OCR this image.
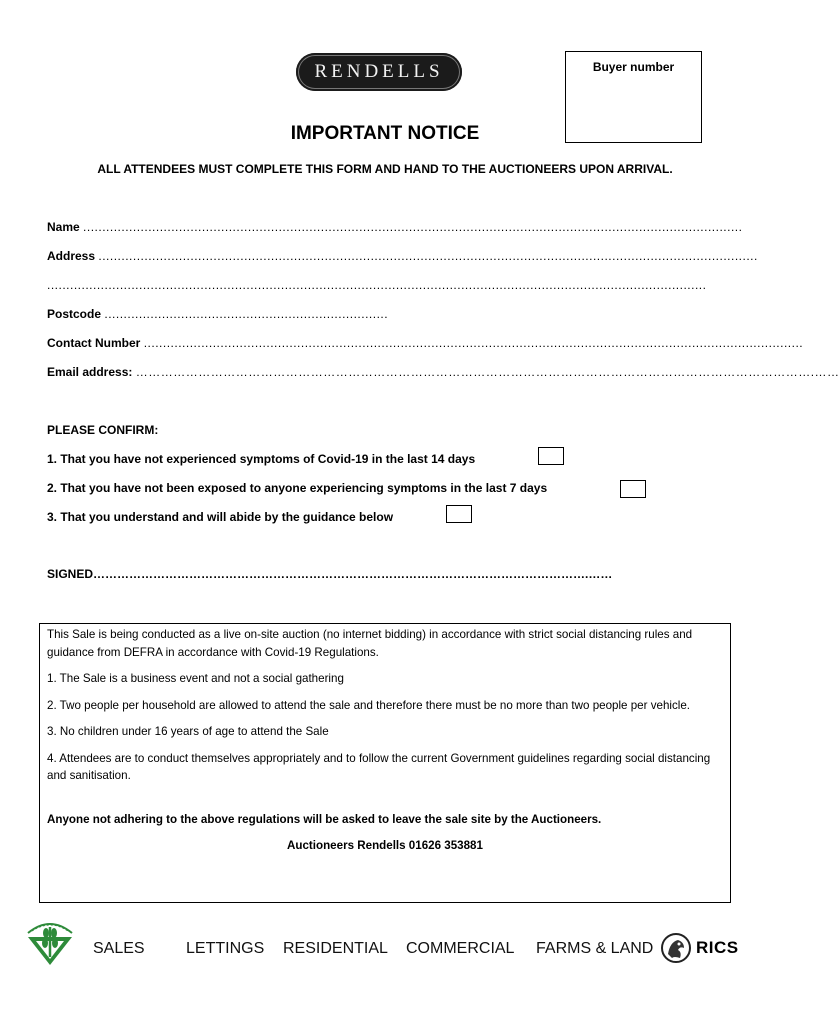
RENDELLS	Buyer number
IMPORTANT NOTICE
ALL ATTENDEES MUST COMPLETE THIS FORM AND HAND TO THE AUCTIONEERS UPON ARRIVAL.
Name ............................................................................................................................................................................
Address ............................................................................................................................................................................
............................................................................................................................................................................
Postcode ..........................................................................
Contact Number ............................................................................................................................................................................
Email address: ……………………………………………………………………………………………………………………………………………….……
PLEASE CONFIRM:
1. That you have not experienced symptoms of Covid-19 in the last 14 days
2. That you have not been exposed to anyone experiencing symptoms in the last 7 days
3. That you understand and will abide by the guidance below
SIGNED…………………………………………………………………………………………………………….……

This Sale is being conducted as a live on-site auction (no internet bidding) in accordance with strict social distancing rules and guidance from DEFRA in accordance with Covid-19 Regulations.

1. The Sale is a business event and not a social gathering

2. Two people per household are allowed to attend the sale and therefore there must be no more than two people per vehicle.

3. No children under 16 years of age to attend the Sale

4. Attendees are to conduct themselves appropriately and to follow the current Government guidelines regarding social distancing and sanitisation.

Anyone not adhering to the above regulations will be asked to leave the sale site by the Auctioneers.

Auctioneers Rendells 01626 353881

SALES	LETTINGS RESIDENTIAL COMMERCIAL FARMS & LAND	RICS
